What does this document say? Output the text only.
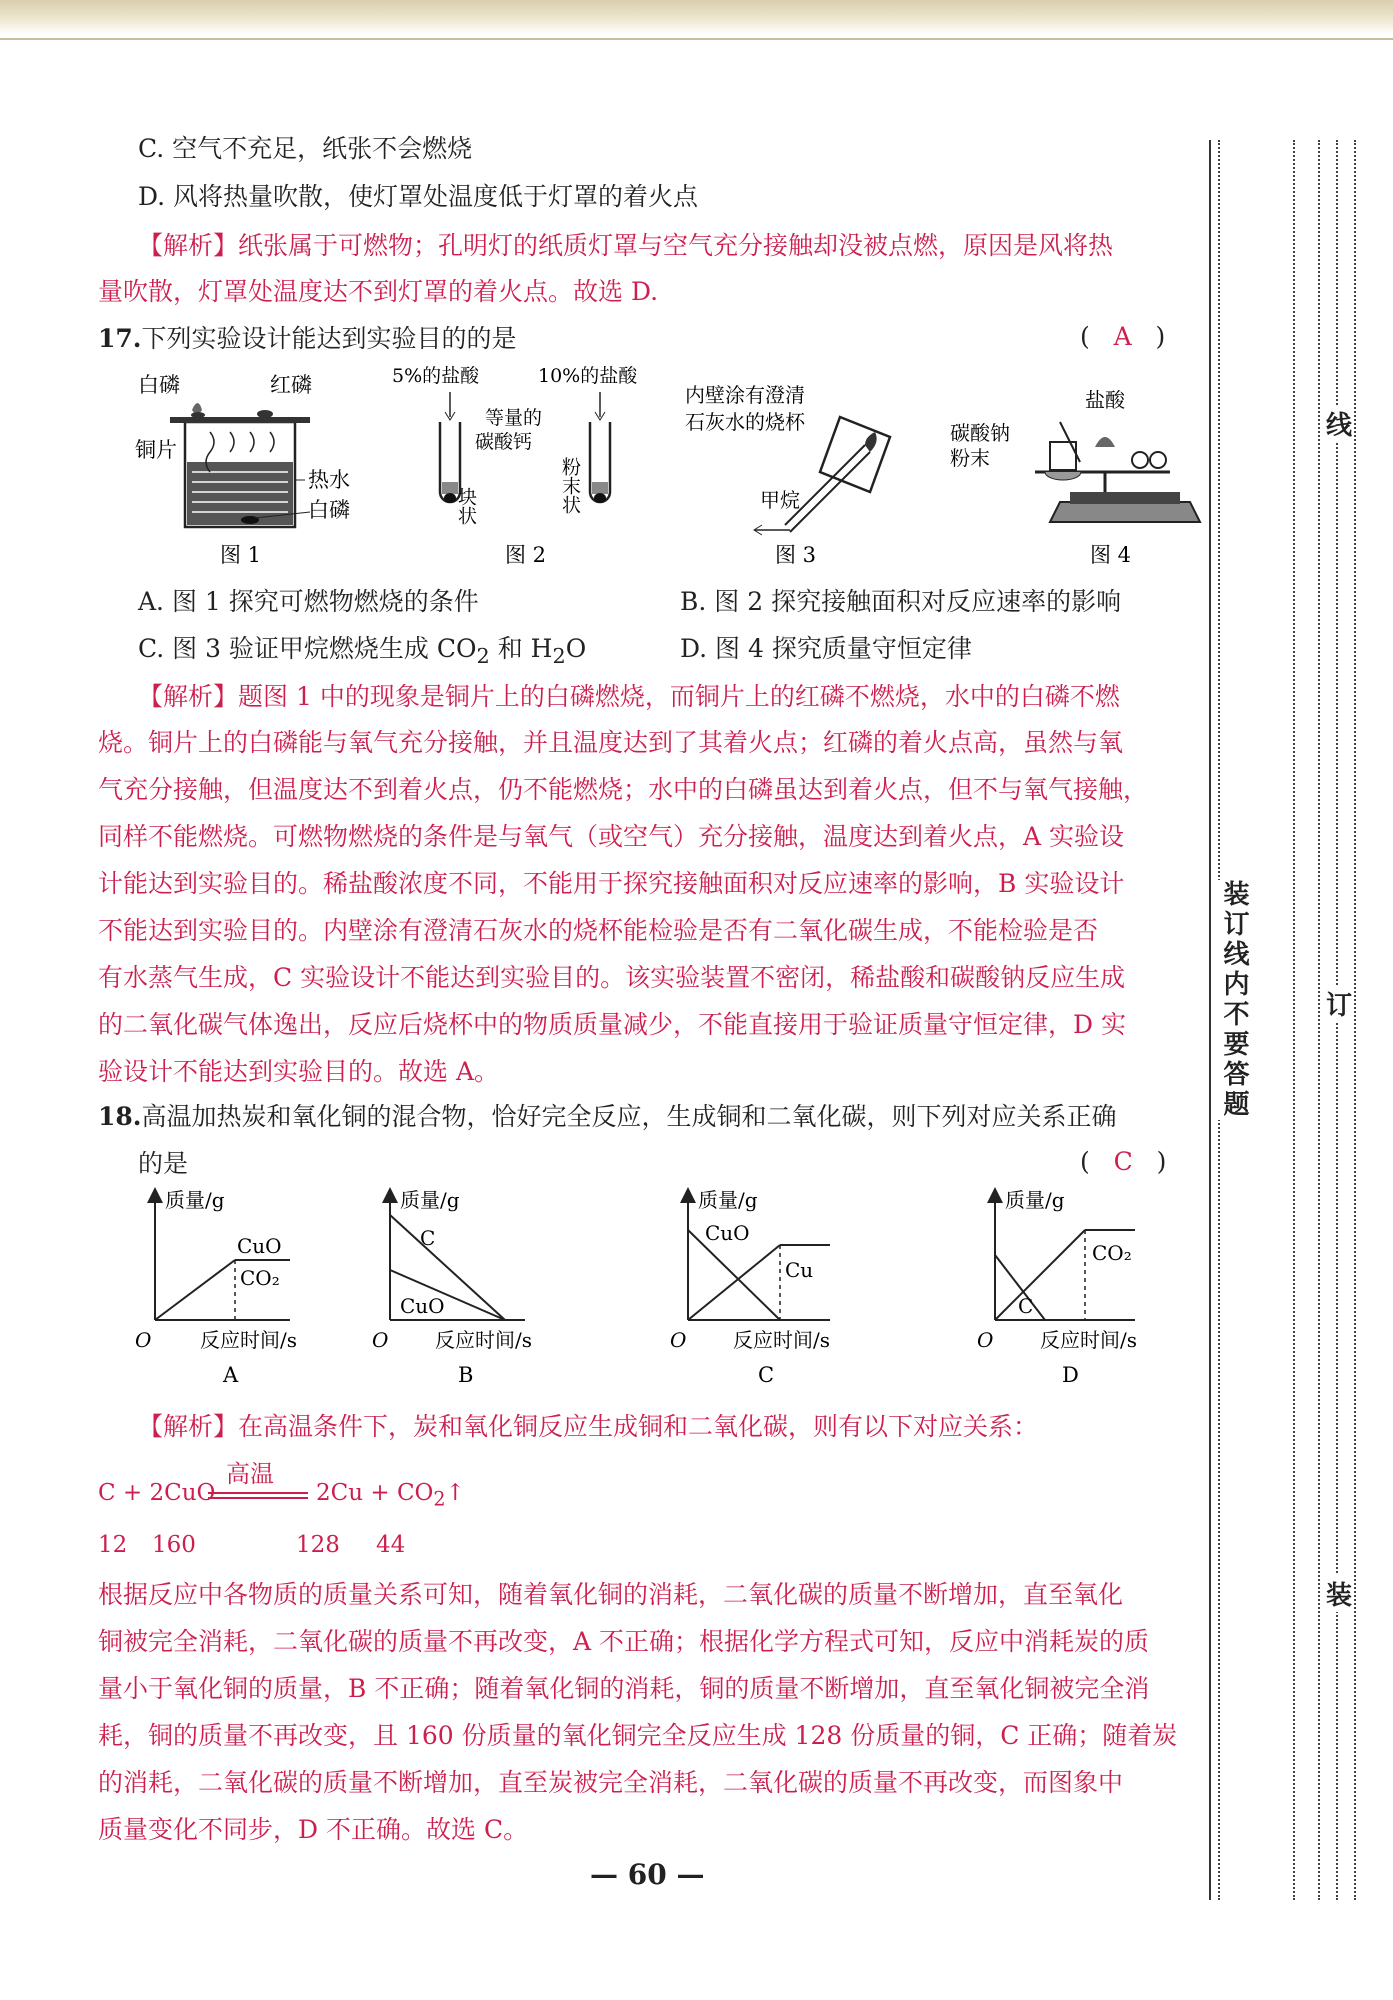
C. 空气不充足，纸张不会燃烧
D. 风将热量吹散，使灯罩处温度低于灯罩的着火点
【解析】纸张属于可燃物；孔明灯的纸质灯罩与空气充分接触却没被点燃，原因是风将热
量吹散，灯罩处温度达不到灯罩的着火点。故选 D.
17.下列实验设计能达到实验目的的是	(   A   )
白磷	红磷
铜片
热水
白磷
图 1
5%的盐酸	10%的盐酸
等量的
碳酸钙
块状	粉末状
图 2
内壁涂有澄清
石灰水的烧杯
甲烷
图 3
盐酸
碳酸钠
粉末
图 4
A. 图 1 探究可燃物燃烧的条件	B. 图 2 探究接触面积对反应速率的影响
C. 图 3 验证甲烷燃烧生成 $CO_2$ 和 $H_2O$	D. 图 4 探究质量守恒定律
【解析】题图 1 中的现象是铜片上的白磷燃烧，而铜片上的红磷不燃烧，水中的白磷不燃
烧。铜片上的白磷能与氧气充分接触，并且温度达到了其着火点；红磷的着火点高，虽然与氧
气充分接触，但温度达不到着火点，仍不能燃烧；水中的白磷虽达到着火点，但不与氧气接触，
同样不能燃烧。可燃物燃烧的条件是与氧气（或空气）充分接触，温度达到着火点，A 实验设
计能达到实验目的。稀盐酸浓度不同，不能用于探究接触面积对反应速率的影响，B 实验设计
不能达到实验目的。内壁涂有澄清石灰水的烧杯能检验是否有二氧化碳生成，不能检验是否
有水蒸气生成，C 实验设计不能达到实验目的。该实验装置不密闭，稀盐酸和碳酸钠反应生成
的二氧化碳气体逸出，反应后烧杯中的物质质量减少，不能直接用于验证质量守恒定律，D 实
验设计不能达到实验目的。故选 A。
18.高温加热炭和氧化铜的混合物，恰好完全反应，生成铜和二氧化碳，则下列对应关系正确
的是	(   C   )
质量/g
CuO
CO₂
O 反应时间/s
A
质量/g
C
CuO
O 反应时间/s
B
质量/g
CuO
Cu
O 反应时间/s
C
质量/g
CO₂
C
O 反应时间/s
D
【解析】在高温条件下，炭和氧化铜反应生成铜和二氧化碳，则有以下对应关系：
C + 2CuO
高温
$2Cu + CO_2↑$
12 160	128 44
根据反应中各物质的质量关系可知，随着氧化铜的消耗，二氧化碳的质量不断增加，直至氧化
铜被完全消耗，二氧化碳的质量不再改变，A 不正确；根据化学方程式可知，反应中消耗炭的质
量小于氧化铜的质量，B 不正确；随着氧化铜的消耗，铜的质量不断增加，直至氧化铜被完全消
耗，铜的质量不再改变，且 160 份质量的氧化铜完全反应生成 128 份质量的铜，C 正确；随着炭
的消耗，二氧化碳的质量不断增加，直至炭被完全消耗，二氧化碳的质量不再改变，而图象中
质量变化不同步，D 不正确。故选 C。
— 60 —
线
订
装
装订线内不要答题
